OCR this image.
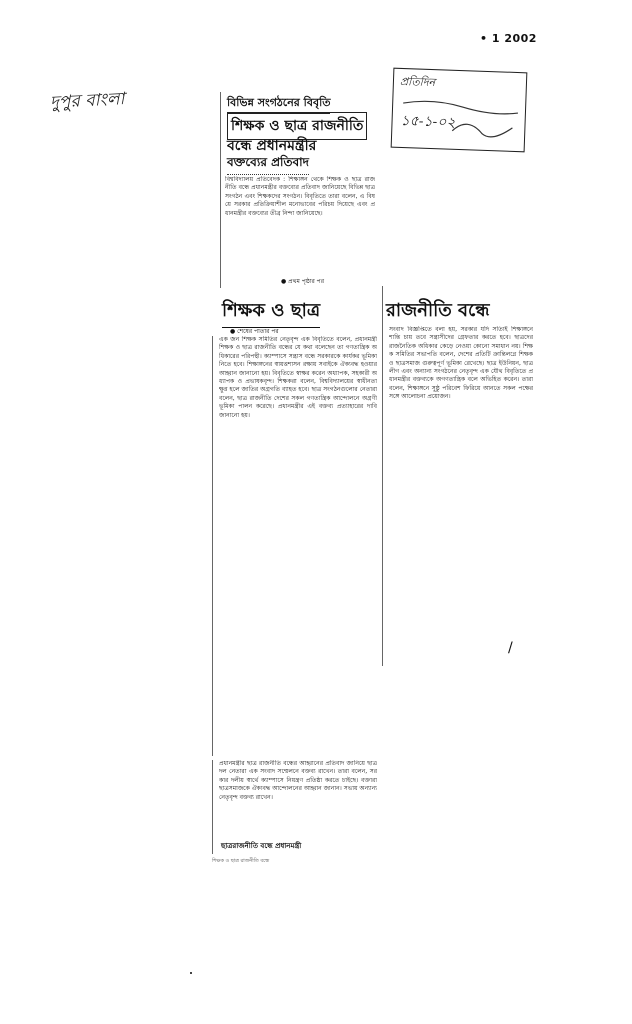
• 1 2002
দুপুর বাংলা
প্রতিদিন
১৫-১-০২
বিভিন্ন সংগঠনের বিবৃতি
শিক্ষক ও ছাত্র রাজনীতি
বন্ধে প্রধানমন্ত্রীর
বক্তব্যের প্রতিবাদ
বিশ্ববিদ্যালয় প্রতিবেদক : শিক্ষাঙ্গন থেকে শিক্ষক ও ছাত্র রাজনীতি বন্ধে প্রধানমন্ত্রীর বক্তব্যের প্রতিবাদ জানিয়েছে বিভিন্ন ছাত্র সংগঠন এবং শিক্ষকদের সংগঠন। বিবৃতিতে তারা বলেন, এ বিষয়ে সরকার প্রতিক্রিয়াশীল মনোভাবের পরিচয় দিয়েছে এবং প্রধানমন্ত্রীর বক্তব্যের তীব্র নিন্দা জানিয়েছে।
● প্রথম পৃষ্ঠার পর
শিক্ষক ও ছাত্র	রাজনীতি বন্ধে
● শেষের পাতার পর
এক জন শিক্ষক সমিতির নেতৃবৃন্দ এক বিবৃতিতে বলেন, প্রধানমন্ত্রী শিক্ষক ও ছাত্র রাজনীতি বন্ধের যে কথা বলেছেন তা গণতান্ত্রিক অধিকারের পরিপন্থী। ক্যাম্পাসে সন্ত্রাস বন্ধে সরকারকে কার্যকর ভূমিকা নিতে হবে। শিক্ষাঙ্গনের স্বায়ত্তশাসন রক্ষায় সবাইকে ঐক্যবদ্ধ হওয়ার আহ্বান জানানো হয়। বিবৃতিতে স্বাক্ষর করেন অধ্যাপক, সহকারী অধ্যাপক ও প্রভাষকবৃন্দ। শিক্ষকরা বলেন, বিশ্ববিদ্যালয়ের স্বাধীনতা ক্ষুণ্ণ হলে জাতির অগ্রগতি ব্যাহত হবে। ছাত্র সংগঠনগুলোর নেতারা বলেন, ছাত্র রাজনীতি দেশের সকল গণতান্ত্রিক আন্দোলনে অগ্রণী ভূমিকা পালন করেছে। প্রধানমন্ত্রীর এই বক্তব্য প্রত্যাহারের দাবি জানানো হয়।
সংবাদ বিজ্ঞপ্তিতে বলা হয়, সরকার যদি সত্যিই শিক্ষাঙ্গনে শান্তি চায় তবে সন্ত্রাসীদের গ্রেফতার করতে হবে। ছাত্রদের রাজনৈতিক অধিকার কেড়ে নেওয়া কোনো সমাধান নয়। শিক্ষক সমিতির সভাপতি বলেন, দেশের প্রতিটি ক্রান্তিলগ্নে শিক্ষক ও ছাত্রসমাজ গুরুত্বপূর্ণ ভূমিকা রেখেছে। ছাত্র ইউনিয়ন, ছাত্রলীগ এবং অন্যান্য সংগঠনের নেতৃবৃন্দ এক যৌথ বিবৃতিতে প্রধানমন্ত্রীর বক্তব্যকে অগণতান্ত্রিক বলে অভিহিত করেন। তারা বলেন, শিক্ষাঙ্গনে সুষ্ঠু পরিবেশ ফিরিয়ে আনতে সকল পক্ষের সঙ্গে আলোচনা প্রয়োজন।
/
প্রধানমন্ত্রীর ছাত্র রাজনীতি বন্ধের আহ্বানের প্রতিবাদ জানিয়ে ছাত্রদল নেতারা এক সংবাদ সম্মেলনে বক্তব্য রাখেন। তারা বলেন, সরকার দলীয় স্বার্থে ক্যাম্পাসে নিয়ন্ত্রণ প্রতিষ্ঠা করতে চাইছে। বক্তারা ছাত্রসমাজকে ঐক্যবদ্ধ আন্দোলনের আহ্বান জানান। সভায় অন্যান্য নেতৃবৃন্দ বক্তব্য রাখেন।
ছাত্ররাজনীতি বন্ধে প্রধানমন্ত্রী
শিক্ষক ও ছাত্র রাজনীতি বন্ধে
